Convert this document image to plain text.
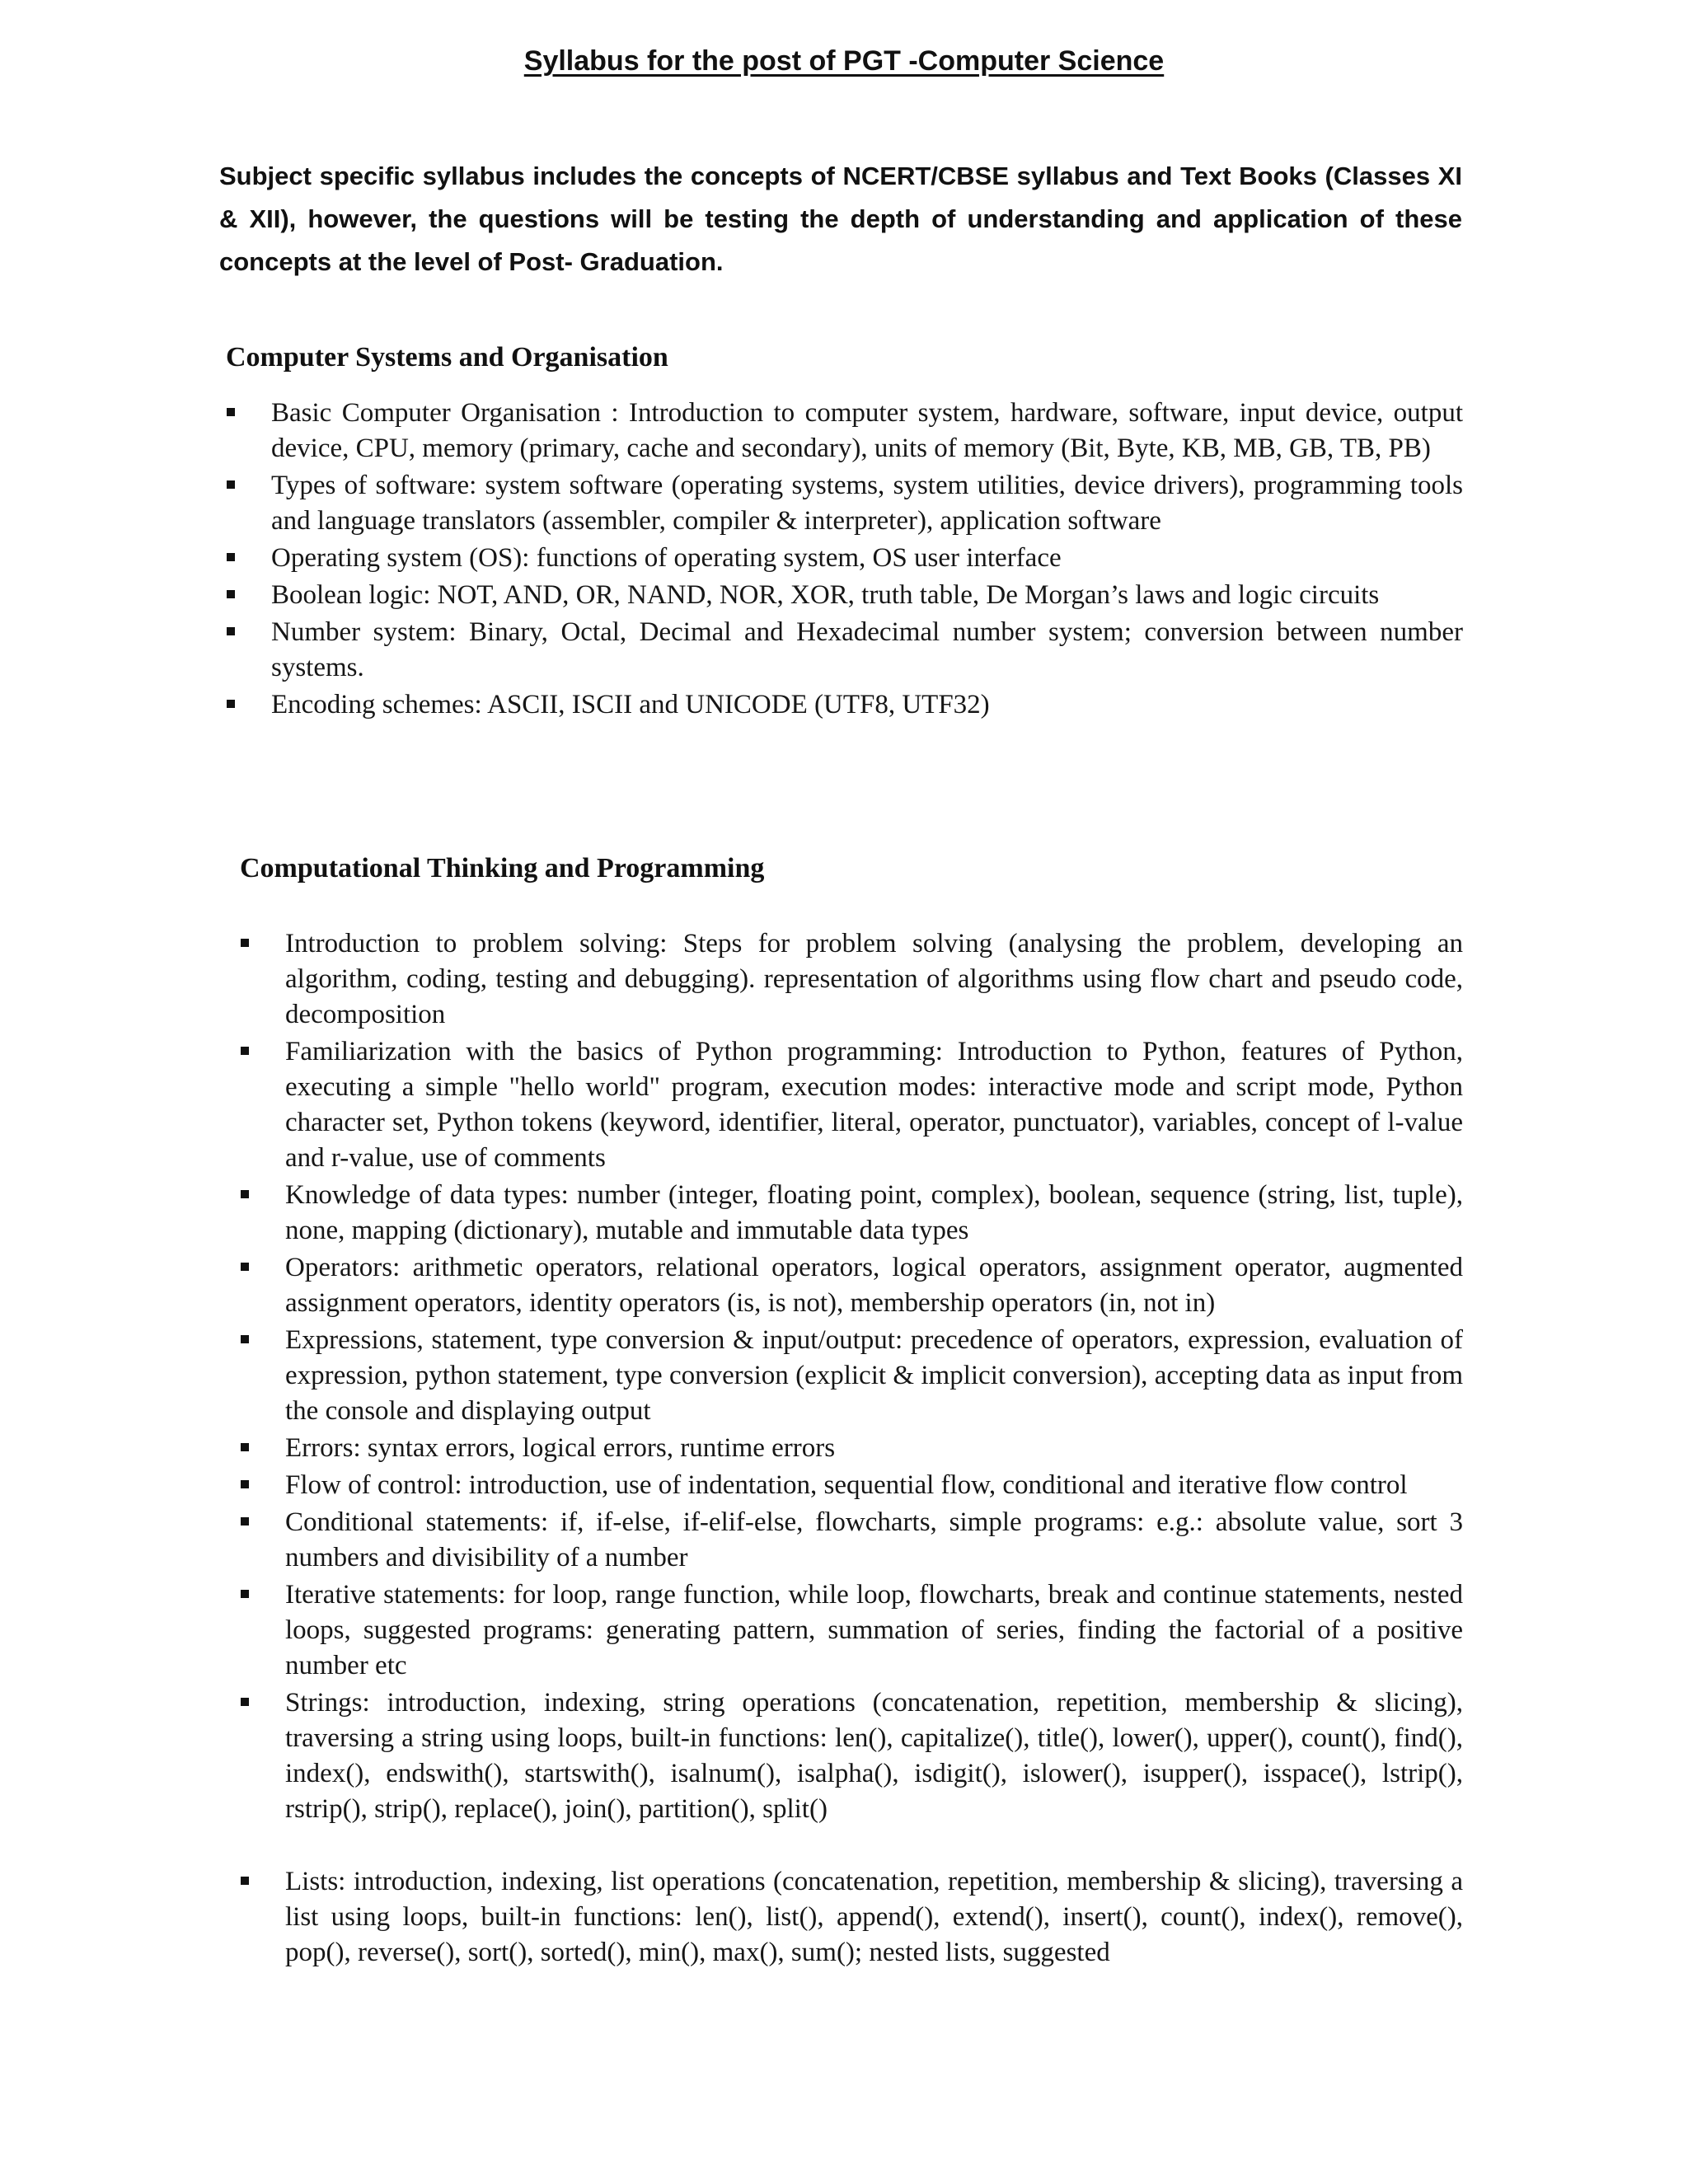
Syllabus for the post of PGT -Computer Science

Subject specific syllabus includes the concepts of NCERT/CBSE syllabus and Text Books (Classes XI & XII), however, the questions will be testing the depth of understanding and application of these concepts at the level of Post- Graduation.

Computer Systems and Organisation
Basic Computer Organisation : Introduction to computer system, hardware, software, input device, output device, CPU, memory (primary, cache and secondary), units of memory (Bit, Byte, KB, MB, GB, TB, PB)
Types of software: system software (operating systems, system utilities, device drivers), programming tools and language translators (assembler, compiler & interpreter), application software
Operating system (OS): functions of operating system, OS user interface
Boolean logic: NOT, AND, OR, NAND, NOR, XOR, truth table, De Morgan’s laws and logic circuits
Number system: Binary, Octal, Decimal and Hexadecimal number system; conversion between number systems.
Encoding schemes: ASCII, ISCII and UNICODE (UTF8, UTF32)
Computational Thinking and Programming
Introduction to problem solving: Steps for problem solving (analysing the problem, developing an algorithm, coding, testing and debugging). representation of algorithms using flow chart and pseudo code, decomposition
Familiarization with the basics of Python programming: Introduction to Python, features of Python, executing a simple "hello world" program, execution modes: interactive mode and script mode, Python character set, Python tokens (keyword, identifier, literal, operator, punctuator), variables, concept of l-value and r-value, use of comments
Knowledge of data types: number (integer, floating point, complex), boolean, sequence (string, list, tuple), none, mapping (dictionary), mutable and immutable data types
Operators: arithmetic operators, relational operators, logical operators, assignment operator, augmented assignment operators, identity operators (is, is not), membership operators (in, not in)
Expressions, statement, type conversion & input/output: precedence of operators, expression, evaluation of expression, python statement, type conversion (explicit & implicit conversion), accepting data as input from the console and displaying output
Errors: syntax errors, logical errors, runtime errors
Flow of control: introduction, use of indentation, sequential flow, conditional and iterative flow control
Conditional statements: if, if-else, if-elif-else, flowcharts, simple programs: e.g.: absolute value, sort 3 numbers and divisibility of a number
Iterative statements: for loop, range function, while loop, flowcharts, break and continue statements, nested loops, suggested programs: generating pattern, summation of series, finding the factorial of a positive number etc
Strings: introduction, indexing, string operations (concatenation, repetition, membership & slicing), traversing a string using loops, built-in functions: len(), capitalize(), title(), lower(), upper(), count(), find(), index(), endswith(), startswith(), isalnum(), isalpha(), isdigit(), islower(), isupper(), isspace(), lstrip(), rstrip(), strip(), replace(), join(), partition(), split()
Lists: introduction, indexing, list operations (concatenation, repetition, membership & slicing), traversing a list using loops, built-in functions: len(), list(), append(), extend(), insert(), count(), index(), remove(), pop(), reverse(), sort(), sorted(), min(), max(), sum(); nested lists, suggested
